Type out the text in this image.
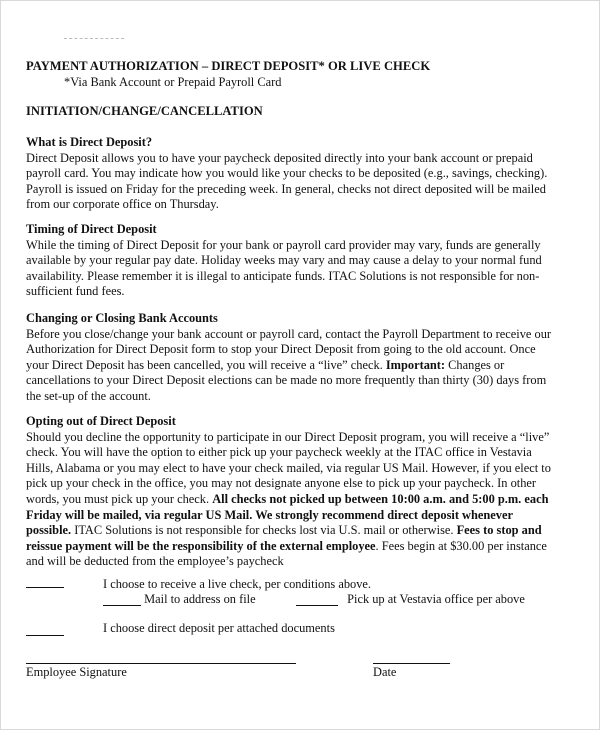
PAYMENT AUTHORIZATION – DIRECT DEPOSIT* OR LIVE CHECK
*Via Bank Account or Prepaid Payroll Card
INITIATION/CHANGE/CANCELLATION
What is Direct Deposit?

Direct Deposit allows you to have your paycheck deposited directly into your bank account or prepaid

payroll card. You may indicate how you would like your checks to be deposited (e.g., savings, checking).

Payroll is issued on Friday for the preceding week. In general, checks not direct deposited will be mailed

from our corporate office on Thursday.

Timing of Direct Deposit

While the timing of Direct Deposit for your bank or payroll card provider may vary, funds are generally

available by your regular pay date. Holiday weeks may vary and may cause a delay to your normal fund

availability. Please remember it is illegal to anticipate funds. ITAC Solutions is not responsible for non-

sufficient fund fees.

Changing or Closing Bank Accounts

Before you close/change your bank account or payroll card, contact the Payroll Department to receive our

Authorization for Direct Deposit form to stop your Direct Deposit from going to the old account. Once

your Direct Deposit has been cancelled, you will receive a “live” check. Important: Changes or

cancellations to your Direct Deposit elections can be made no more frequently than thirty (30) days from

the set-up of the account.

Opting out of Direct Deposit

Should you decline the opportunity to participate in our Direct Deposit program, you will receive a “live”

check. You will have the option to either pick up your paycheck weekly at the ITAC office in Vestavia

Hills, Alabama or you may elect to have your check mailed, via regular US Mail. However, if you elect to

pick up your check in the office, you may not designate anyone else to pick up your paycheck. In other

words, you must pick up your check. All checks not picked up between 10:00 a.m. and 5:00 p.m. each

Friday will be mailed, via regular US Mail. We strongly recommend direct deposit whenever

possible. ITAC Solutions is not responsible for checks lost via U.S. mail or otherwise. Fees to stop and

reissue payment will be the responsibility of the external employee. Fees begin at $30.00 per instance

and will be deducted from the employee’s paycheck

I choose to receive a live check, per conditions above.
Mail to address on file	Pick up at Vestavia office per above
I choose direct deposit per attached documents
Employee Signature	Date
